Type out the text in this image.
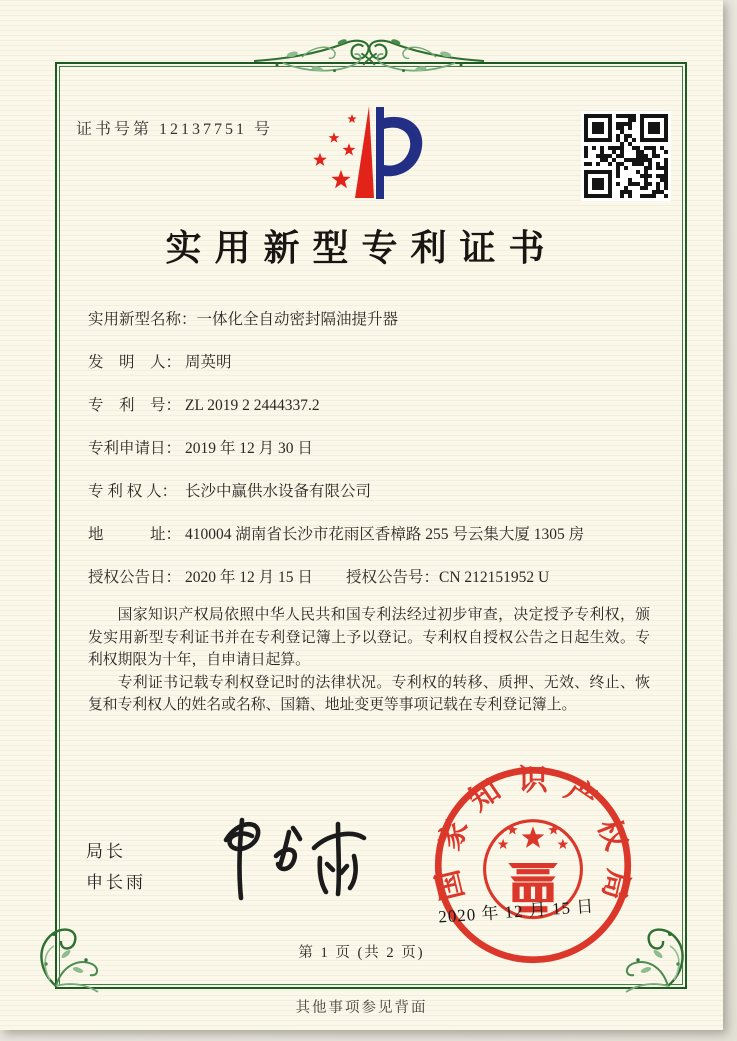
证书号第 12137751 号
实用新型专利证书
实用新型名称：一体化全自动密封隔油提升器
发　明　人： 周英明
专　利　号： ZL 2019 2 2444337.2
专利申请日： 2019 年 12 月 30 日
专 利 权 人： 长沙中赢供水设备有限公司
地　　　址： 410004 湖南省长沙市花雨区香樟路 255 号云集大厦 1305 房
授权公告日： 2020 年 12 月 15 日 授权公告号：CN 212151952 U

国家知识产权局依照中华人民共和国专利法经过初步审查，决定授予专利权，颁发实用新型专利证书并在专利登记簿上予以登记。专利权自授权公告之日起生效。专利权期限为十年，自申请日起算。

专利证书记载专利权登记时的法律状况。专利权的转移、质押、无效、终止、恢复和专利权人的姓名或名称、国籍、地址变更等事项记载在专利登记簿上。

局长
申长雨	国家知识产权局
2020 年 12 月 15 日
第 1 页 (共 2 页)
其他事项参见背面
